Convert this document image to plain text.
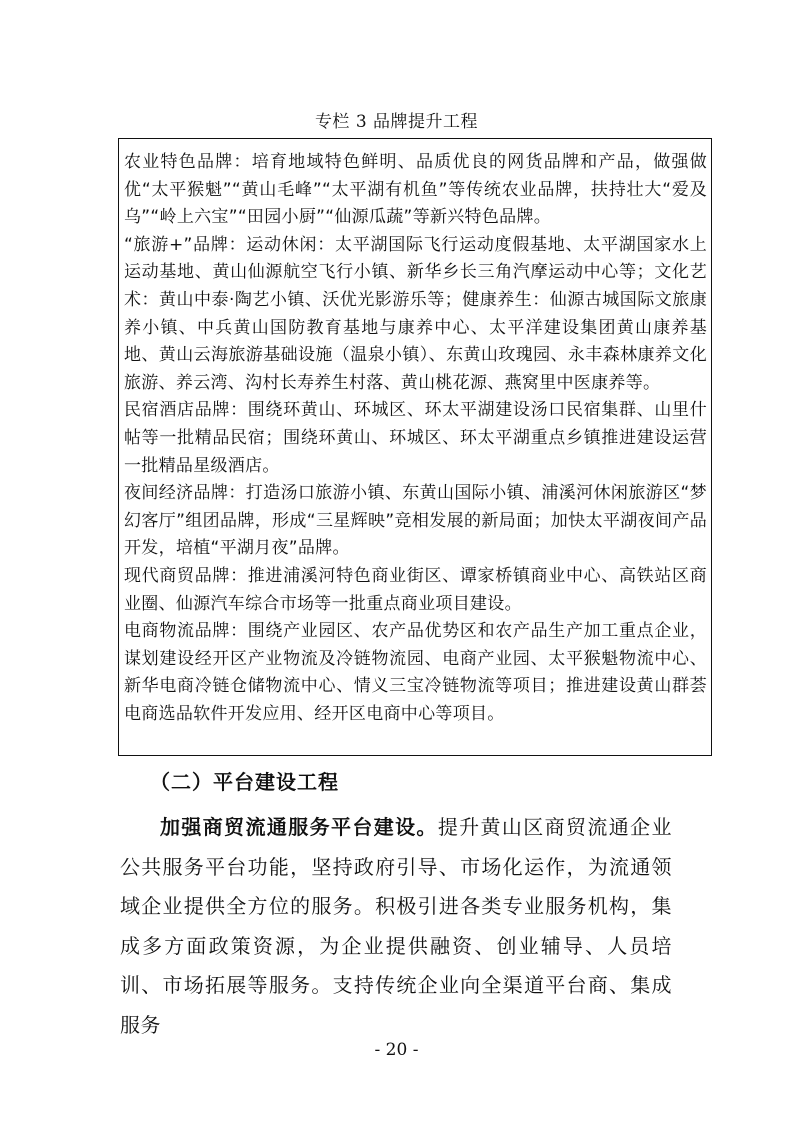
专栏 3 品牌提升工程

农业特色品牌：培育地域特色鲜明、品质优良的网货品牌和产品，做强做优“太平猴魁”“黄山毛峰”“太平湖有机鱼”等传统农业品牌，扶持壮大“爱及乌”“岭上六宝”“田园小厨”“仙源瓜蔬”等新兴特色品牌。

“旅游+”品牌：运动休闲：太平湖国际飞行运动度假基地、太平湖国家水上运动基地、黄山仙源航空飞行小镇、新华乡长三角汽摩运动中心等；文化艺术：黄山中泰·陶艺小镇、沃优光影游乐等；健康养生：仙源古城国际文旅康养小镇、中兵黄山国防教育基地与康养中心、太平洋建设集团黄山康养基地、黄山云海旅游基础设施（温泉小镇）、东黄山玫瑰园、永丰森林康养文化旅游、养云湾、沟村长寿养生村落、黄山桃花源、燕窝里中医康养等。

民宿酒店品牌：围绕环黄山、环城区、环太平湖建设汤口民宿集群、山里什帖等一批精品民宿；围绕环黄山、环城区、环太平湖重点乡镇推进建设运营一批精品星级酒店。

夜间经济品牌：打造汤口旅游小镇、东黄山国际小镇、浦溪河休闲旅游区“梦幻客厅”组团品牌，形成“三星辉映”竞相发展的新局面；加快太平湖夜间产品开发，培植“平湖月夜”品牌。

现代商贸品牌：推进浦溪河特色商业街区、谭家桥镇商业中心、高铁站区商业圈、仙源汽车综合市场等一批重点商业项目建设。

电商物流品牌：围绕产业园区、农产品优势区和农产品生产加工重点企业，谋划建设经开区产业物流及冷链物流园、电商产业园、太平猴魁物流中心、新华电商冷链仓储物流中心、情义三宝冷链物流等项目；推进建设黄山群荟电商选品软件开发应用、经开区电商中心等项目。

（二）平台建设工程

加强商贸流通服务平台建设。提升黄山区商贸流通企业公共服务平台功能，坚持政府引导、市场化运作，为流通领域企业提供全方位的服务。积极引进各类专业服务机构，集成多方面政策资源，为企业提供融资、创业辅导、人员培训、市场拓展等服务。支持传统企业向全渠道平台商、集成服务

- 20 -
